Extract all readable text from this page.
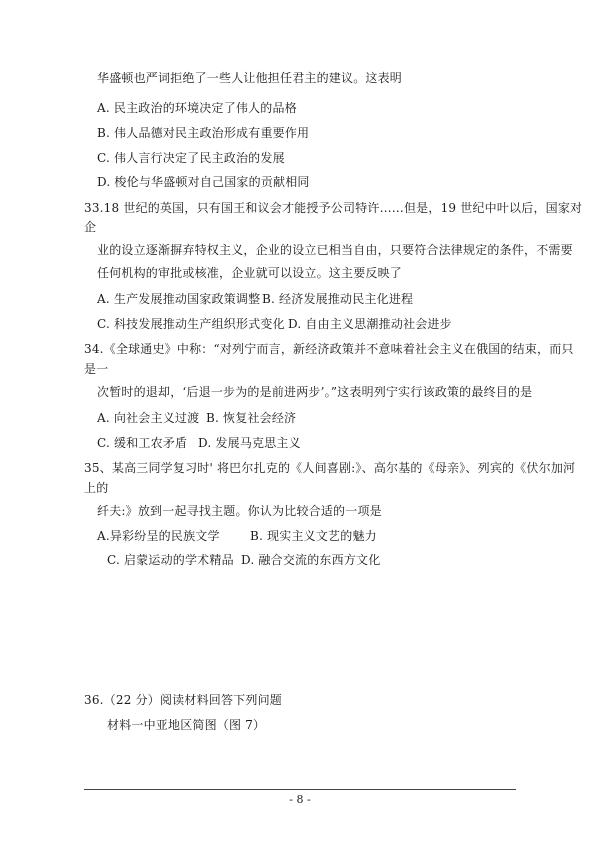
华盛顿也严词拒绝了一些人让他担任君主的建议。这表明
A. 民主政治的环境决定了伟人的品格
B. 伟人品德对民主政治形成有重要作用
C. 伟人言行决定了民主政治的发展
D. 梭伦与华盛顿对自己国家的贡献相同
33.18 世纪的英国，只有国王和议会才能授予公司特许……但是，19 世纪中叶以后，国家对
企
业的设立逐渐摒弃特权主义，企业的设立已相当自由，只要符合法律规定的条件，不需要
任何机构的审批或核准，企业就可以设立。这主要反映了
A. 生产发展推动国家政策调整 B. 经济发展推动民主化进程
C. 科技发展推动生产组织形式变化 D. 自由主义思潮推动社会进步
34.《全球通史》中称：“对列宁而言，新经济政策并不意味着社会主义在俄国的结束，而只
是一
次暂时的退却，‘后退一步为的是前进两步’。”这表明列宁实行该政策的最终目的是
A. 向社会主义过渡 B. 恢复社会经济
C. 缓和工农矛盾 D. 发展马克思主义
35、某高三同学复习时' 将巴尔扎克的《人间喜剧:》、高尔基的《母亲》、列宾的《伏尔加河
上的
纤夫:》放到一起寻找主题。你认为比较合适的一项是
A.异彩纷呈的民族文学	B. 现实主义文艺的魅力
C. 启蒙运动的学术精品 D. 融合交流的东西方文化
36.（22 分）阅读材料回答下列问题
材料一中亚地区简图（图 7）
- 8 -
